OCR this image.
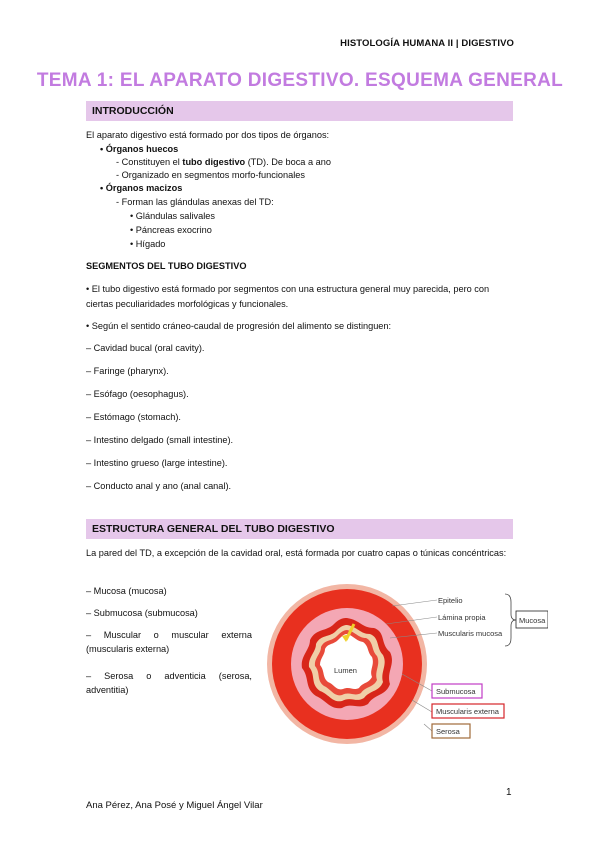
HISTOLOGÍA HUMANA II | DIGESTIVO
TEMA 1: EL APARATO DIGESTIVO. ESQUEMA GENERAL
INTRODUCCIÓN
El aparato digestivo está formado por dos tipos de órganos:
• Órganos huecos
- Constituyen el tubo digestivo (TD). De boca a ano
- Organizado en segmentos morfo-funcionales
• Órganos macizos
- Forman las glándulas anexas del TD:
• Glándulas salivales
• Páncreas exocrino
• Hígado
SEGMENTOS DEL TUBO DIGESTIVO
• El tubo digestivo está formado por segmentos con una estructura general muy parecida, pero con ciertas peculiaridades morfológicas y funcionales.
• Según el sentido cráneo-caudal de progresión del alimento se distinguen:
– Cavidad bucal (oral cavity).
– Faringe (pharynx).
– Esófago (oesophagus).
– Estómago (stomach).
– Intestino delgado (small intestine).
– Intestino grueso (large intestine).
– Conducto anal y ano (anal canal).
ESTRUCTURA GENERAL DEL TUBO DIGESTIVO
La pared del TD, a excepción de la cavidad oral, está formada por cuatro capas o túnicas concéntricas:
– Mucosa (mucosa)
– Submucosa (submucosa)
– Muscular o muscular externa (muscularis externa)
– Serosa o adventicia (serosa, adventitia)
Lumen
Epitelio
Lámina propia
Muscularis mucosa
Mucosa
Submucosa
Muscularis externa
Serosa
1
Ana Pérez, Ana Posé y Miguel Ángel Vilar
